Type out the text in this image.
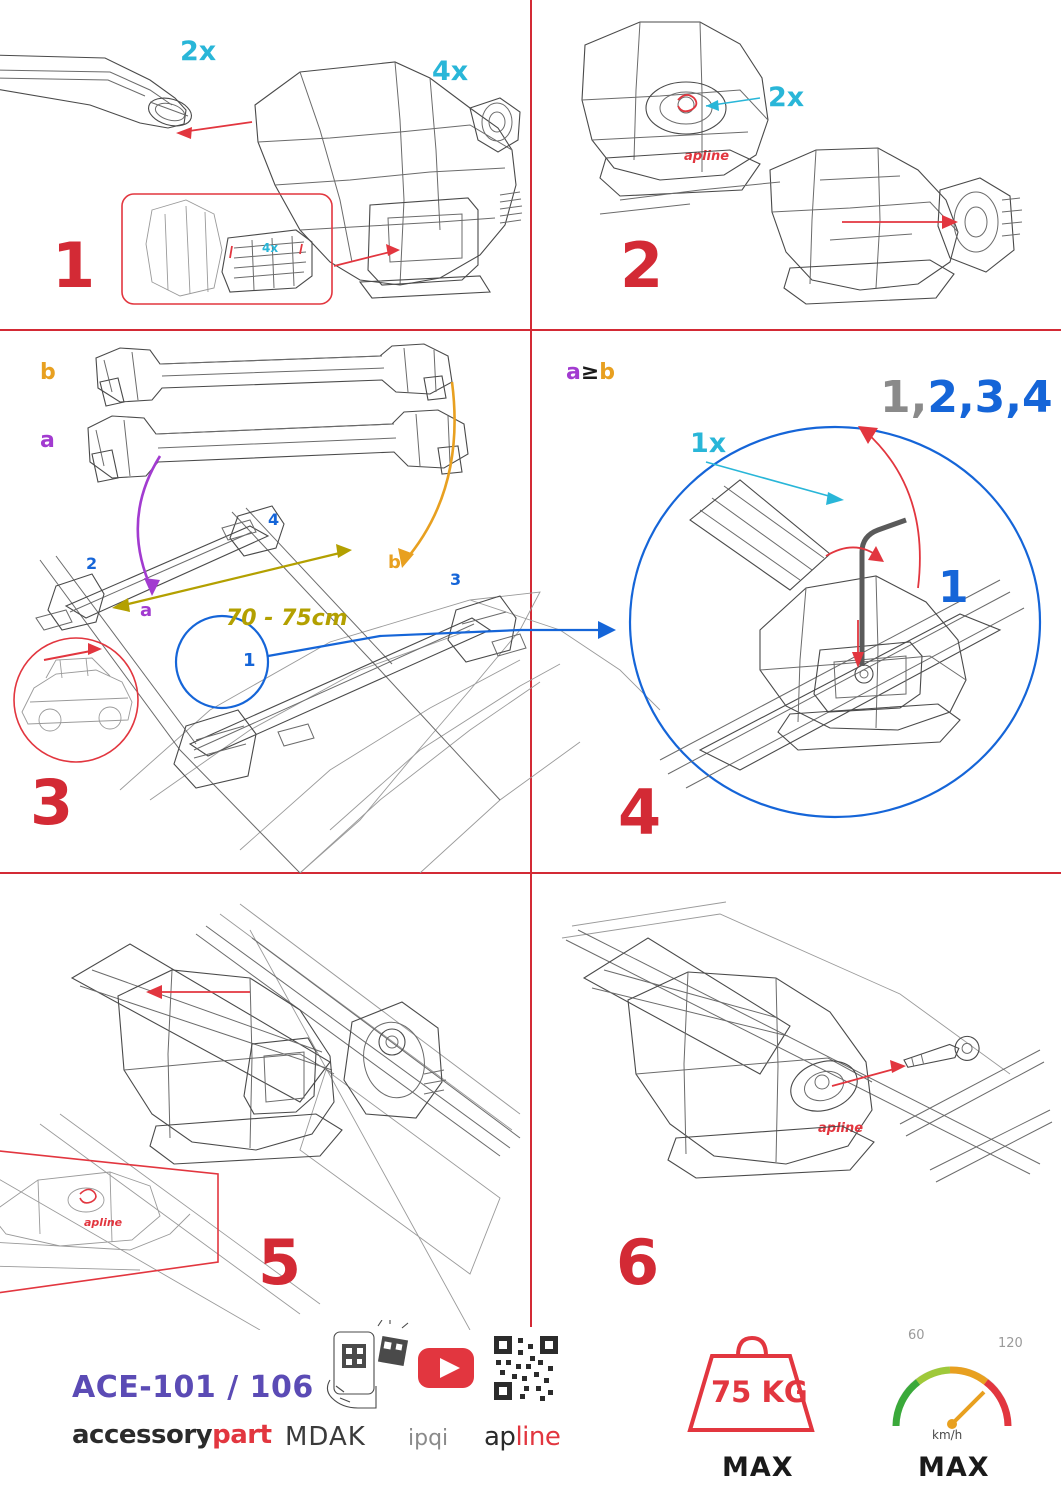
4x
apline
2x
4x
2x
1	2
b
a
a
b
70 - 75cm
a≥b
2
4
3
1
1x
1,2,3,4
1
3	4
apline
apline
5	6
ACE-101 / 106
accessorypart MDAK ipqi apline
75 KG
MAX	MAX
60
120
km/h
